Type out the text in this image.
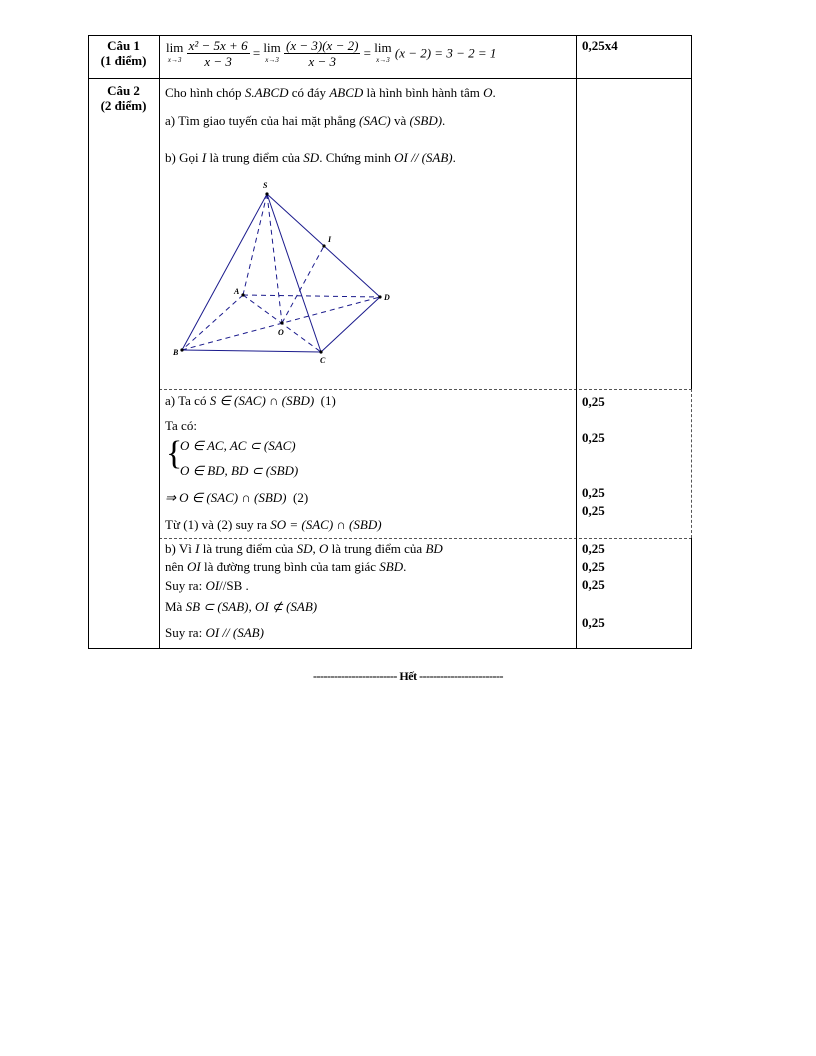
Câu 1
(1 điểm)
lim
x→3
$\frac{\text{x² − 5x + 6}}{x - 3} = \lim$
x→3
$\frac{(x - 3)(x - 2)}{x - 3} = \lim$
x→3 (x − 2) = 3 − 2 = 1	0,25x4
Câu 2
(2 điểm)
Cho hình chóp S.ABCD có đáy ABCD là hình bình hành tâm O.
a) Tìm giao tuyến của hai mặt phẳng (SAC) và (SBD).
b) Gọi I là trung điểm của SD. Chứng minh OI // (SAB).
S
I
A
D
O
B
C
a) Ta có S ∈ (SAC) ∩ (SBD) (1)
Ta có:
{
O ∈ AC, AC ⊂ (SAC)
O ∈ BD, BD ⊂ (SBD)
⇒ O ∈ (SAC) ∩ (SBD) (2)
Từ (1) và (2) suy ra SO = (SAC) ∩ (SBD)
0,25
0,25
0,25
0,25
b) Vì I là trung điểm của SD, O là trung điểm của BD
nên OI là đường trung bình của tam giác SBD.
Suy ra: OI//SB .
Mà SB ⊂ (SAB), OI ⊄ (SAB)
Suy ra: OI // (SAB)
0,25
0,25
0,25
0,25
------------------------ Hết ------------------------
